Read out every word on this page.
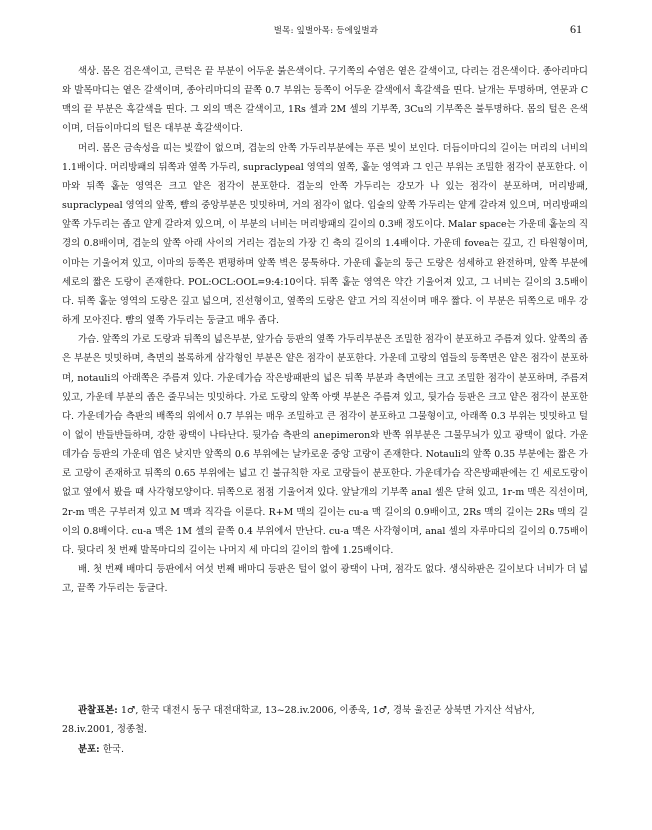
벌목: 잎벌아목: 등에잎벌과	61

색상. 몸은 검은색이고, 큰턱은 끝 부분이 어두운 붉은색이다. 구기쪽의 수염은 옅은 갈색이고, 다리는 검은색이다. 종아리마디와 발목마디는 옅은 갈색이며, 종아리마디의 끝쪽 0.7 부위는 등쪽이 어두운 갈색에서 흑갈색을 띤다. 날개는 투명하며, 연문과 C 맥의 끝 부분은 흑갈색을 띤다. 그 외의 맥은 갈색이고, 1Rs 셀과 2M 셀의 기부쪽, 3Cu의 기부쪽은 불투명하다. 몸의 털은 은색이며, 더듬이마디의 털은 대부분 흑갈색이다.

머리. 몸은 금속성을 띠는 빛깔이 없으며, 겹눈의 안쪽 가두리부분에는 푸른 빛이 보인다. 더듬이마디의 길이는 머리의 너비의 1.1배이다. 머리방패의 뒤쪽과 옆쪽 가두리, supraclypeal 영역의 옆쪽, 홑눈 영역과 그 인근 부위는 조밀한 점각이 분포한다. 이마와 뒤쪽 홑눈 영역은 크고 얕은 점각이 분포한다. 겹눈의 안쪽 가두리는 강모가 나 있는 점각이 분포하며, 머리방패, supraclypeal 영역의 앞쪽, 뺨의 중앙부분은 밋밋하며, 거의 점각이 없다. 입술의 앞쪽 가두리는 얕게 갈라져 있으며, 머리방패의 앞쪽 가두리는 좁고 얕게 갈라져 있으며, 이 부분의 너비는 머리방패의 길이의 0.3배 정도이다. Malar space는 가운데 홑눈의 직경의 0.8배이며, 겹눈의 앞쪽 아래 사이의 거리는 겹눈의 가장 긴 축의 길이의 1.4배이다. 가운데 fovea는 깊고, 긴 타원형이며, 이마는 기울어져 있고, 이마의 등쪽은 편평하며 앞쪽 벽은 뭉툭하다. 가운데 홑눈의 둥근 도랑은 섬세하고 완전하며, 앞쪽 부분에 세로의 짧은 도랑이 존재한다. POL:OCL:OOL=9:4:10이다. 뒤쪽 홑눈 영역은 약간 기울어져 있고, 그 너비는 길이의 3.5배이다. 뒤쪽 홑눈 영역의 도랑은 깊고 넓으며, 진선형이고, 옆쪽의 도랑은 얕고 거의 직선이며 매우 짧다. 이 부분은 뒤쪽으로 매우 강하게 모아진다. 뺨의 옆쪽 가두리는 둥글고 매우 좁다.

가슴. 앞쪽의 가로 도랑과 뒤쪽의 넓은부분, 앞가슴 등판의 옆쪽 가두리부분은 조밀한 점각이 분포하고 주름져 있다. 앞쪽의 좁은 부분은 밋밋하며, 측면의 볼록하게 삼각형인 부분은 얕은 점각이 분포한다. 가운데 고랑의 엽들의 등쪽면은 얕은 점각이 분포하며, notauli의 아래쪽은 주름져 있다. 가운데가슴 작은방패판의 넓은 뒤쪽 부분과 측면에는 크고 조밀한 점각이 분포하며, 주름져 있고, 가운데 부분의 좁은 줄무늬는 밋밋하다. 가로 도랑의 앞쪽 아랫 부분은 주름져 있고, 뒷가슴 등판은 크고 얕은 점각이 분포한다. 가운데가슴 측판의 배쪽의 위에서 0.7 부위는 매우 조밀하고 큰 점각이 분포하고 그물형이고, 아래쪽 0.3 부위는 밋밋하고 털이 없이 반들반들하며, 강한 광택이 나타난다. 뒷가슴 측판의 anepimeron와 반쪽 위부분은 그물무늬가 있고 광택이 없다. 가운데가슴 등판의 가운데 엽은 낮지만 앞쪽의 0.6 부위에는 날카로운 중앙 고랑이 존재한다. Notauli의 앞쪽 0.35 부분에는 짧은 가로 고랑이 존재하고 뒤쪽의 0.65 부위에는 넓고 긴 불규칙한 자로 고랑들이 분포한다. 가운데가슴 작은방패판에는 긴 세로도랑이 없고 옆에서 봤을 때 사각형모양이다. 뒤쪽으로 점점 기울어져 있다. 앞날개의 기부쪽 anal 셀은 닫혀 있고, 1r-m 맥은 직선이며, 2r-m 맥은 구부러져 있고 M 맥과 직각을 이룬다. R+M 맥의 길이는 cu-a 맥 길이의 0.9배이고, 2Rs 맥의 길이는 2Rs 맥의 길이의 0.8배이다. cu-a 맥은 1M 셀의 끝쪽 0.4 부위에서 만난다. cu-a 맥은 사각형이며, anal 셀의 자루마디의 길이의 0.75배이다. 뒷다리 첫 번째 발목마디의 길이는 나머지 세 마디의 길이의 합에 1.25배이다.

배. 첫 번째 배마디 등판에서 여섯 번째 배마디 등판은 털이 없이 광택이 나며, 점각도 없다. 생식하판은 길이보다 너비가 더 넓고, 끝쪽 가두리는 둥글다.

관찰표본: 1♂, 한국 대전시 동구 대전대학교, 13~28.iv.2006, 이종욱, 1♂, 경북 울진군 상북면 가지산 석남사, 28.iv.2001, 정종철.

분포: 한국.
